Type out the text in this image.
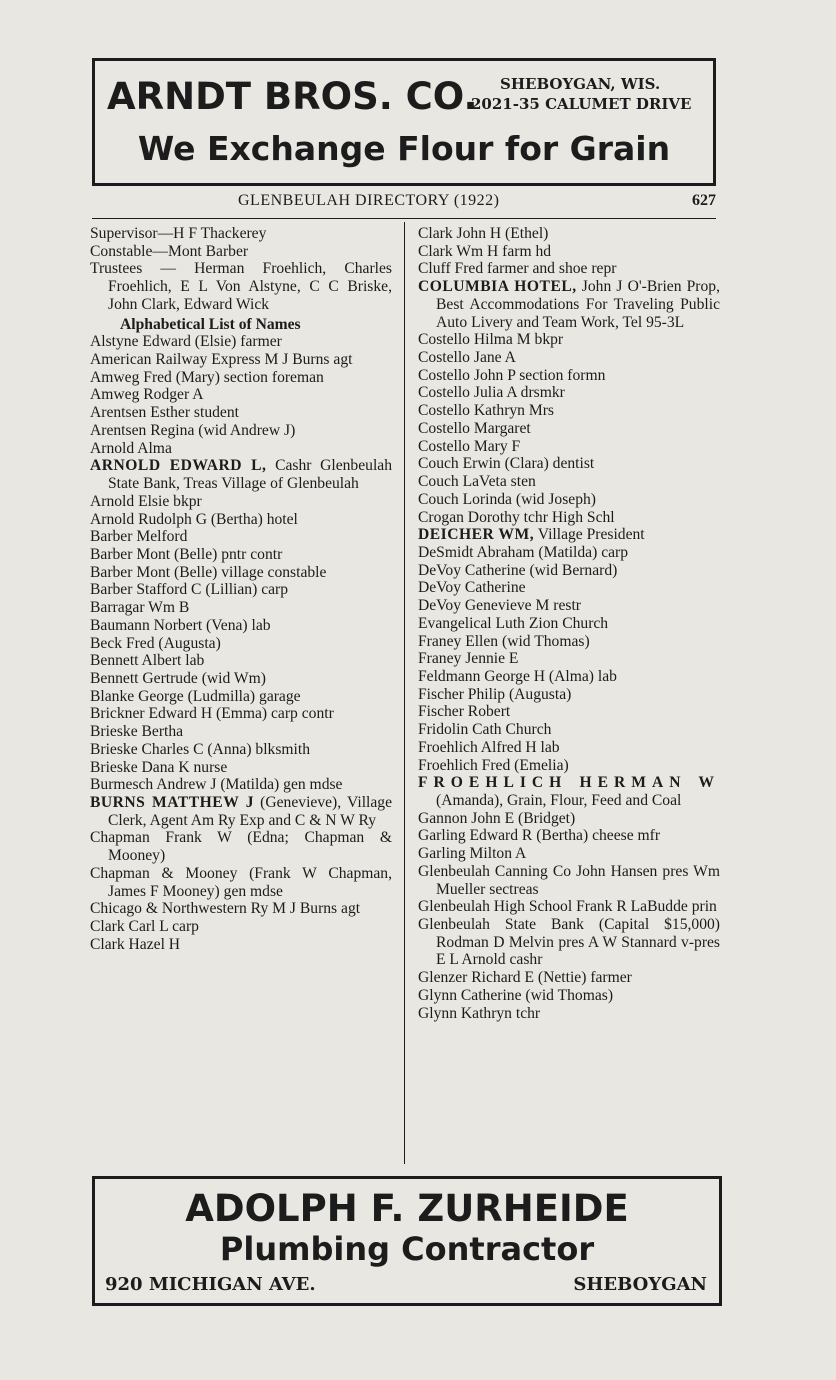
ARNDT BROS. CO. SHEBOYGAN, WIS.
2021-35 CALUMET DRIVE
We Exchange Flour for Grain
GLENBEULAH DIRECTORY (1922)	627
Supervisor—H F Thackerey
Constable—Mont Barber
Trustees — Herman Froehlich, Charles Froehlich, E L Von Alstyne, C C Briske, John Clark, Edward Wick
Alphabetical List of Names
Alstyne Edward (Elsie) farmer
American Railway Express M J Burns agt
Amweg Fred (Mary) section foreman
Amweg Rodger A
Arentsen Esther student
Arentsen Regina (wid Andrew J)
Arnold Alma
ARNOLD EDWARD L, Cashr Glenbeulah State Bank, Treas Village of Glenbeulah
Arnold Elsie bkpr
Arnold Rudolph G (Bertha) hotel
Barber Melford
Barber Mont (Belle) pntr contr
Barber Mont (Belle) village constable
Barber Stafford C (Lillian) carp
Barragar Wm B
Baumann Norbert (Vena) lab
Beck Fred (Augusta)
Bennett Albert lab
Bennett Gertrude (wid Wm)
Blanke George (Ludmilla) garage
Brickner Edward H (Emma) carp contr
Brieske Bertha
Brieske Charles C (Anna) blksmith
Brieske Dana K nurse
Burmesch Andrew J (Matilda) gen mdse
BURNS MATTHEW J (Genevieve), Village Clerk, Agent Am Ry Exp and C & N W Ry
Chapman Frank W (Edna; Chapman & Mooney)
Chapman & Mooney (Frank W Chapman, James F Mooney) gen mdse
Chicago & Northwestern Ry M J Burns agt
Clark Carl L carp
Clark Hazel H
Clark John H (Ethel)
Clark Wm H farm hd
Cluff Fred farmer and shoe repr
COLUMBIA HOTEL, John J O'-Brien Prop, Best Accommodations For Traveling Public Auto Livery and Team Work, Tel 95-3L
Costello Hilma M bkpr
Costello Jane A
Costello John P section formn
Costello Julia A drsmkr
Costello Kathryn Mrs
Costello Margaret
Costello Mary F
Couch Erwin (Clara) dentist
Couch LaVeta sten
Couch Lorinda (wid Joseph)
Crogan Dorothy tchr High Schl
DEICHER WM, Village President
DeSmidt Abraham (Matilda) carp
DeVoy Catherine (wid Bernard)
DeVoy Catherine
DeVoy Genevieve M restr
Evangelical Luth Zion Church
Franey Ellen (wid Thomas)
Franey Jennie E
Feldmann George H (Alma) lab
Fischer Philip (Augusta)
Fischer Robert
Fridolin Cath Church
Froehlich Alfred H lab
Froehlich Fred (Emelia)
FROEHLICH HERMAN W (Amanda), Grain, Flour, Feed and Coal
Gannon John E (Bridget)
Garling Edward R (Bertha) cheese mfr
Garling Milton A
Glenbeulah Canning Co John Hansen pres Wm Mueller sectreas
Glenbeulah High School Frank R LaBudde prin
Glenbeulah State Bank (Capital $15,000) Rodman D Melvin pres A W Stannard v-pres E L Arnold cashr
Glenzer Richard E (Nettie) farmer
Glynn Catherine (wid Thomas)
Glynn Kathryn tchr
ADOLPH F. ZURHEIDE
Plumbing Contractor
920 MICHIGAN AVE.	SHEBOYGAN
